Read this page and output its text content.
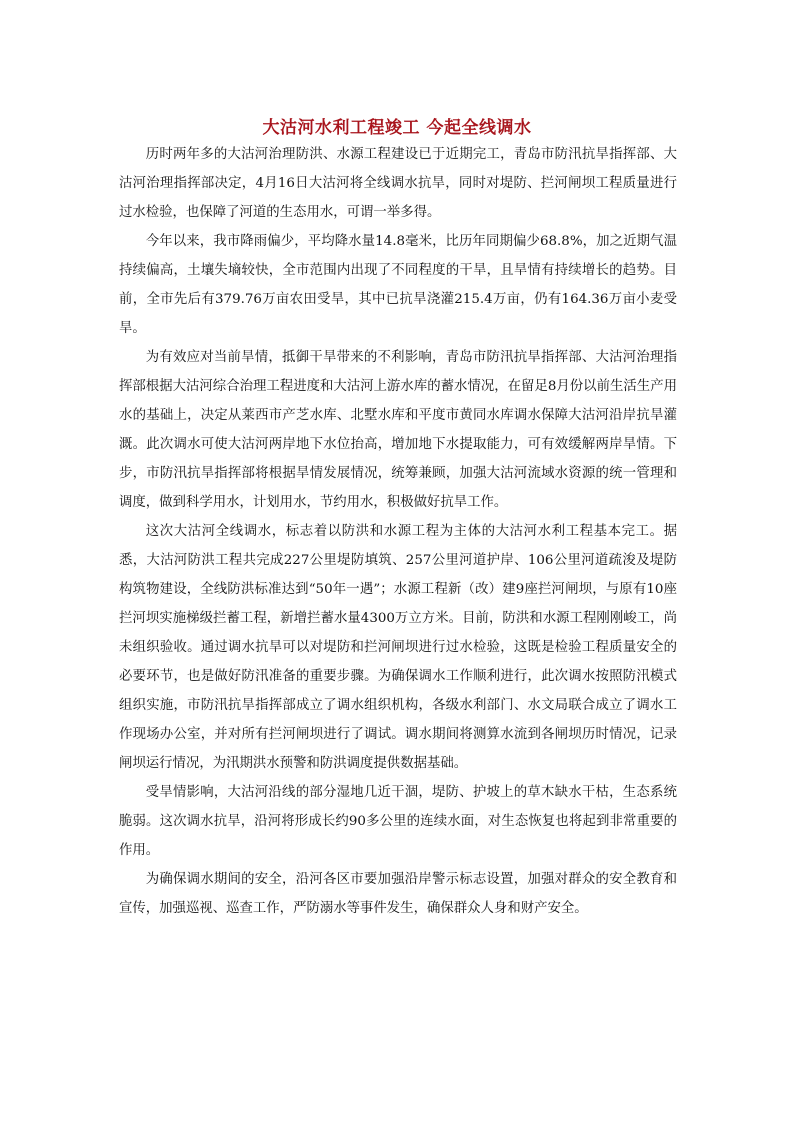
大沽河水利工程竣工 今起全线调水

历时两年多的大沽河治理防洪、水源工程建设已于近期完工，青岛市防汛抗旱指挥部、大沽河治理指挥部决定，4月16日大沽河将全线调水抗旱，同时对堤防、拦河闸坝工程质量进行过水检验，也保障了河道的生态用水，可谓一举多得。

今年以来，我市降雨偏少，平均降水量14.8毫米，比历年同期偏少68.8%，加之近期气温持续偏高，土壤失墒较快，全市范围内出现了不同程度的干旱，且旱情有持续增长的趋势。目前，全市先后有379.76万亩农田受旱，其中已抗旱浇灌215.4万亩，仍有164.36万亩小麦受旱。

为有效应对当前旱情，抵御干旱带来的不利影响，青岛市防汛抗旱指挥部、大沽河治理指挥部根据大沽河综合治理工程进度和大沽河上游水库的蓄水情况，在留足8月份以前生活生产用水的基础上，决定从莱西市产芝水库、北墅水库和平度市黄同水库调水保障大沽河沿岸抗旱灌溉。此次调水可使大沽河两岸地下水位抬高，增加地下水提取能力，可有效缓解两岸旱情。下步，市防汛抗旱指挥部将根据旱情发展情况，统筹兼顾，加强大沽河流域水资源的统一管理和调度，做到科学用水，计划用水，节约用水，积极做好抗旱工作。

这次大沽河全线调水，标志着以防洪和水源工程为主体的大沽河水利工程基本完工。据悉，大沽河防洪工程共完成227公里堤防填筑、257公里河道护岸、106公里河道疏浚及堤防构筑物建设，全线防洪标准达到“50年一遇”；水源工程新（改）建9座拦河闸坝，与原有10座拦河坝实施梯级拦蓄工程，新增拦蓄水量4300万立方米。目前，防洪和水源工程刚刚峻工，尚未组织验收。通过调水抗旱可以对堤防和拦河闸坝进行过水检验，这既是检验工程质量安全的必要环节，也是做好防汛准备的重要步骤。为确保调水工作顺利进行，此次调水按照防汛模式组织实施，市防汛抗旱指挥部成立了调水组织机构，各级水利部门、水文局联合成立了调水工作现场办公室，并对所有拦河闸坝进行了调试。调水期间将测算水流到各闸坝历时情况，记录闸坝运行情况，为汛期洪水预警和防洪调度提供数据基础。

受旱情影响，大沽河沿线的部分湿地几近干涸，堤防、护坡上的草木缺水干枯，生态系统脆弱。这次调水抗旱，沿河将形成长约90多公里的连续水面，对生态恢复也将起到非常重要的作用。

为确保调水期间的安全，沿河各区市要加强沿岸警示标志设置，加强对群众的安全教育和宣传，加强巡视、巡查工作，严防溺水等事件发生，确保群众人身和财产安全。
